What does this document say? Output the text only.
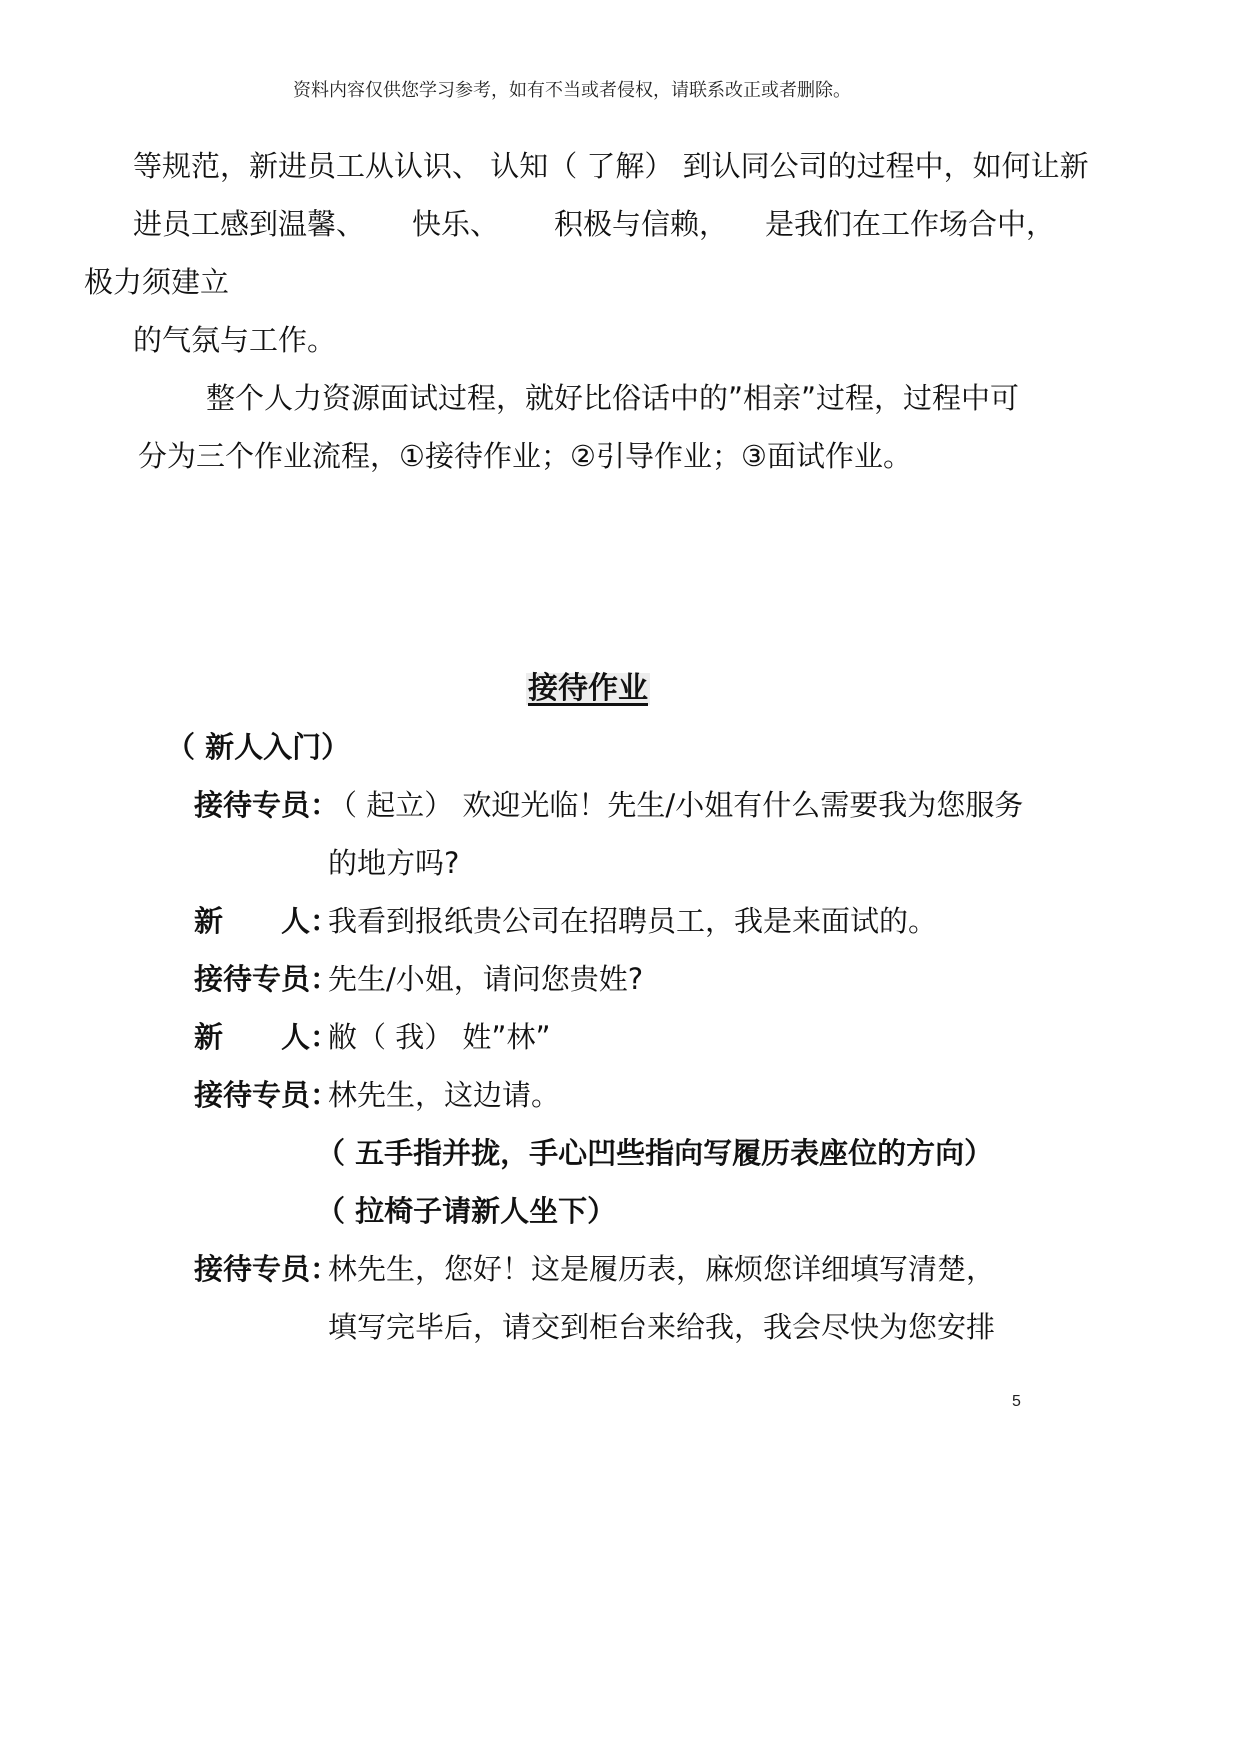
资料内容仅供您学习参考，如有不当或者侵权，请联系改正或者删除。
等规范，新进员工从认识、 认知（ 了解） 到认同公司的过程中，如何让新
进员工感到温馨、 快乐、 积极与信赖， 是我们在工作场合中，
极力须建立
的气氛与工作。
整个人力资源面试过程，就好比俗话中的”相亲”过程，过程中可
分为三个作业流程，①接待作业；②引导作业；③面试作业。
接待作业
（ 新人入门）
接待专员：
（ 起立） 欢迎光临！先生/小姐有什么需要我为您服务
的地方吗?
新　　人：
我看到报纸贵公司在招聘员工，我是来面试的。
接待专员：
先生/小姐，请问您贵姓?
新　　人：
敝（ 我） 姓”林”
接待专员：
林先生，这边请。
（ 五手指并拢，手心凹些指向写履历表座位的方向）
（ 拉椅子请新人坐下）
接待专员：
林先生，您好！这是履历表，麻烦您详细填写清楚，
填写完毕后，请交到柜台来给我，我会尽快为您安排
5
